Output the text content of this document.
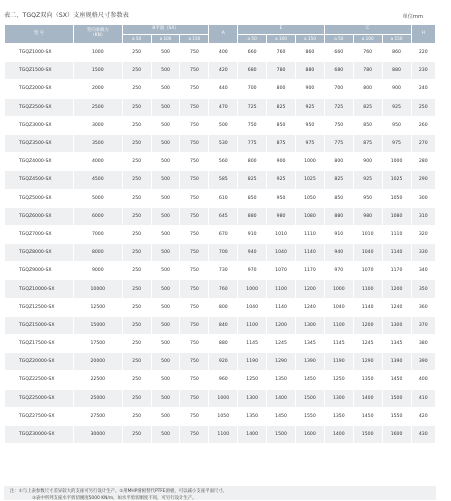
表二、TGQZ双向（SX）支座规格尺寸参数表	单位mm
型 号	竖向承载力
（KN）	B平面（SX）			A	E			C			H
		a 50	a 100	a 150		a 50	a 100	a 150	a 50	a 100	a 150	
TGQZ1000-SX	1000	250	500	750	400	660	760	860	660	760	860	220
TGQZ1500-SX	1500	250	500	750	420	680	780	880	680	780	880	230
TGQZ2000-SX	2000	250	500	750	440	700	800	900	700	800	900	240
TGQZ2500-SX	2500	250	500	750	470	725	825	925	725	825	925	250
TGQZ3000-SX	3000	250	500	750	500	750	850	950	750	850	950	260
TGQZ3500-SX	3500	250	500	750	530	775	875	975	775	875	975	270
TGQZ4000-SX	4000	250	500	750	560	800	900	1000	800	900	1000	280
TGQZ4500-SX	4500	250	500	750	585	825	925	1025	825	925	1025	290
TGQZ5000-SX	5000	250	500	750	610	850	950	1050	850	950	1050	300
TGQZ6000-SX	6000	250	500	750	645	880	980	1080	880	980	1080	310
TGQZ7000-SX	7000	250	500	750	670	910	1010	1110	910	1010	1110	320
TGQZ8000-SX	8000	250	500	750	700	940	1040	1140	940	1040	1140	330
TGQZ9000-SX	9000	250	500	750	730	970	1070	1170	970	1070	1170	340
TGQZ10000-SX	10000	250	500	750	760	1000	1100	1200	1000	1100	1200	350
TGQZ12500-SX	12500	250	500	750	800	1040	1140	1240	1040	1140	1240	360
TGQZ15000-SX	15000	250	500	750	840	1100	1200	1300	1100	1200	1300	370
TGQZ17500-SX	17500	250	500	750	880	1145	1245	1345	1145	1245	1345	380
TGQZ20000-SX	20000	250	500	750	920	1190	1290	1390	1190	1290	1390	390
TGQZ22500-SX	22500	250	500	750	960	1250	1350	1450	1250	1350	1450	400
TGQZ25000-SX	25000	250	500	750	1000	1300	1400	1500	1300	1400	1500	410
TGQZ27500-SX	27500	250	500	750	1050	1350	1450	1550	1350	1450	1550	420
TGQZ30000-SX	30000	250	500	750	1100	1400	1500	1600	1400	1500	1600	430
注：①与上表参数尺寸差异较大的支座可另行设计生产。②用MHP滑板替代PTFE滑板，可以减小支座平面尺寸。
③表中所列支座水平剪切刚度5000 KN/m，如水平剪切刚度不同，可另行设计生产。
